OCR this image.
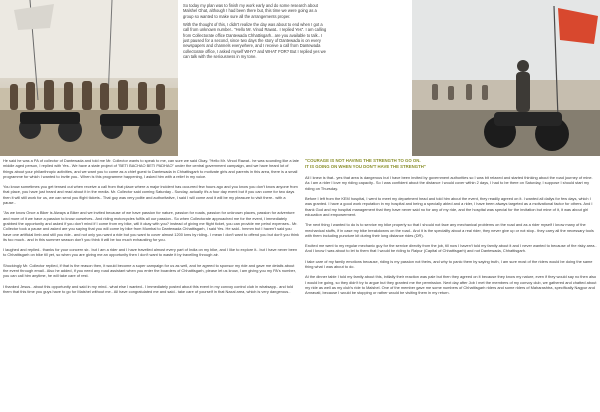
So today my plan was to finish my work early and do some research about Malshel Ghat, although I had been there but, this time we were going as a group so wanted to make sure all the arrangements proper.

With the thought of this, I didn't realize the day was about to end when I got a call from unknown number.. "Hello Mr. Vinod Rawat.. I replied Yes". I am calling from Collectorate office Dantewada Chhattisgarh.. are you available to talk.. I just paused for a second, since two days the story of Dantewada is on every newspapers and channels everywhere, and I receive a call from Dantewada collectorate office, I asked myself WHY? and WHAT FOR? But I replied yes we can talk with the seriousness in my tone.

He said he was a PA of collector of Dantewada and told me Mr. Collector wants to speak to me, can sure we said Okay. "Hello Mr. Vinod Rawat.. he was sounding like a late middle aged person, I replied with Yes.. We have a state project of "BETI BACHAO BETI PADHAO" under the central government campaign, and we have heard lot of things about your philanthropic activities, and we want you to come as a chief guest to Dantewada in Chhattisgarh to motivate girls and parents in this area, there is a small programme for which I wanted to invite you.. When is this programme happening, I asked him with a relief in my voice.

You know sometimes you get tensed out when receive a call from that place where a major incident has occurred few hours ago and you know you don't know anyone from that place, you have just heard and read about it in the media. Mr. Collector said coming Saturday - Sunday, actually it's a four day event but if you can come for two days then it will still work for us, we can send you flight tickets.. That guy was very polite and authoritative, I said I will come and it will be my pleasure to visit there.. with a pause..

"As we know Once a Biker is Always a Biker and we invited because of we have passion for nature, passion for roads, passion for unknown places, passion for adventure and more of it we have a passion to know ourselves.. And riding motorcycles fulfils all our passion.. So when Collectorate approached me for the event, I immediately grabbed the opportunity and asked if you don't mind if I come from my bike, will it okay with you? instead of giving me flight ticket, you can provide me petrol expenses.. Mr. Collector took a pause and asked are you saying that you will come by bike from Mumbai to Dantewada Chhattisgarh, I said Yes. He said.. hmmm but I haven't said you have one artificial limb and still you ride.. and not only you want a ride but you want to cover almost 1200 kms by riding.. I mean I don't want to offend you but don't you think its too much.. and in this summer season don't you think it will be too much exhausting for you.

I laughed and replied.. thanks for your concern sir.. but I am a rider and I have travelled almost every part of India on my bike, and I like to explore it.. but I have never been to Chhattisgarh on bike till yet, so when you are giving me an opportunity then I don't want to waste it by travelling through air.

Shockingly Mr. Collector replied, if that is the reason then, it would become a super campaign for us as well, and he agreed to sponsor my ride and gave me details about the event through email.. Also he added, if you need any road assistant when you enter the boarders of Chhattisgarh, please let us know, I am giving you my PA's number, you can call him anytime, he will take care of rest.

I thanked Jesus.. about this opportunity and said in my mind.. what else I wanted.. I immediately posted about this event in my convoy control club in whatsapp.. and told them that this time you guys have to go for Malshel without me.. All have congratulated me and said.. take care of yourself in that Naxal area, which is very dangerous..

"COURAGE IS NOT HAVING THE STRENGTH TO GO ON.
IT IS GOING ON WHEN YOU DON'T HAVE THE STRENGTH"

All I knew is that.. yes that area is dangerous but I have been invited by government authorities so I was bit relaxed and started thinking about the road journey of mine. As I am a rider I love my riding capacity.. So I was confident about the distance I would cover within 2 days, I had to be there on Saturday, I suppose I should start my riding on Thursday.

Before I left from the KEM hospital, I went to meet my department head and told him about the event, they readily agreed on it. I wanted all dailys for few days, which I was granted. I have a good work reputation in my hospital and being a specially abled and a rider, I have been always targeted as a motivational factor for others. And I thank God and my hospital management that they have never said no for any of my ride, and the hospital was special for the invitation but mine of it, it was about girl education and empowerment.

The next thing I wanted to do is to service my bike properly so that I should not face any mechanical problems on the road and as a rider myself I know many of the mechanical stuffs, if in case my bike breakdowns on the road.. And it is the speciality about a real rider, they never give up or not stop.. they carry all the necessary tools with them including puncture kit during their long distance rides (DR).

Excited me went to my regular mechanic guy for the service directly from the job, till now I haven't told my family about it and I never wanted to because of the risky area.. And I know I was about to let to them that I would be riding to Raipur (Capital of Chhattisgarh) and not Dantewada, Chhattisgarh.

I take care of my family emotions because, riding is my passion not theirs, and why to panic them by saying truth, I am sure most of the riders would be doing the same thing what I was about to do.

At the dinner table I told my family about this, initially their reaction was pale but then they agreed on it because they know my nature, even if they would say no then also I would be going, so they didn't try to argue but they granted me the permission. Next day after Job I met the members of my convoy club, we gathered and chatted about my ride as well as my club's ride to Malshel. One of the member gave me some numbers of Chhattisgarh riders and some riders of Maharashtra, specifically Nagpur and Amravati, because I would be stopping or rather would be visiting them in my return.
